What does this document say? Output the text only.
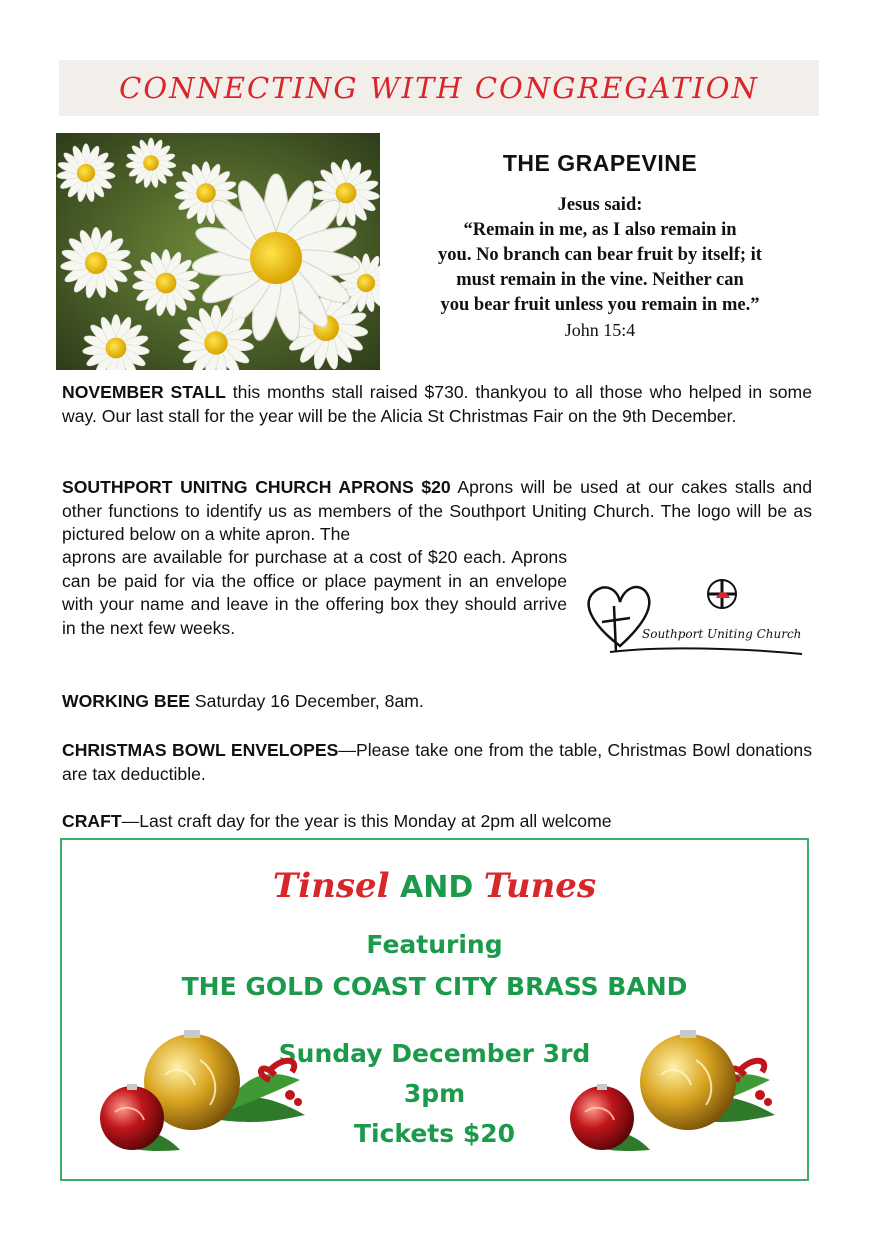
CONNECTING WITH CONGREGATION
THE GRAPEVINE
Jesus said:
“Remain in me, as I also remain in
you. No branch can bear fruit by itself; it
must remain in the vine. Neither can
you bear fruit unless you remain in me.”
John 15:4
NOVEMBER STALL this months stall raised $730. thankyou to all those who helped in some way. Our last stall for the year will be the Alicia St Christmas Fair on the 9th December.
SOUTHPORT UNITNG CHURCH APRONS $20 Aprons will be used at our cakes stalls and other functions to identify us as members of the Southport Uniting Church. The logo will be as pictured below on a white apron. The
aprons are available for purchase at a cost of $20 each. Aprons can be paid for via the office or place payment in an envelope with your name and leave in the offering box they should arrive in the next few weeks.	Southport Uniting Church
WORKING BEE Saturday 16 December, 8am.
CHRISTMAS BOWL ENVELOPES—Please take one from the table, Christmas Bowl donations are tax deductible.
CRAFT—Last craft day for the year is this Monday at 2pm all welcome
Tinsel AND Tunes
Featuring
THE GOLD COAST CITY BRASS BAND
Sunday December 3rd
3pm
Tickets $20
